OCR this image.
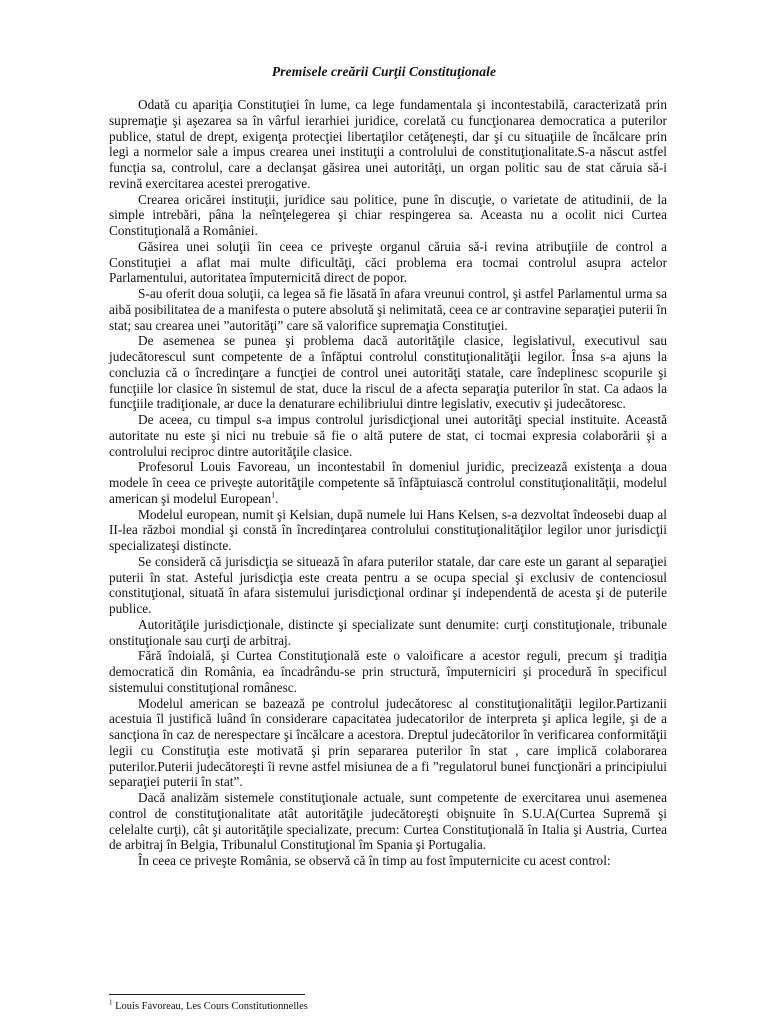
Premisele creării Curţii Constituţionale

Odată cu apariţia Constituţiei în lume, ca lege fundamentala şi incontestabilă, caracterizată prin supremaţie şi aşezarea sa în vârful ierarhiei juridice, corelată cu funcţionarea democratica a puterilor publice, statul de drept, exigenţa protecţiei libertaţilor cetăţeneşti, dar şi cu situaţiile de încălcare prin legi a normelor sale a impus crearea unei instituţii a controlului de constituţionalitate.S-a născut astfel funcţia sa, controlul, care a declanşat găsirea unei autorităţi, un organ politic sau de stat căruia să-i revină exercitarea acestei prerogative.

Crearea oricărei instituţii, juridice sau politice, pune în discuţie, o varietate de atitudinii, de la simple intrebări, pâna la neînţelegerea şi chiar respingerea sa. Aceasta nu a ocolit nici Curtea Constituţională a României.

Găsirea unei soluţii îin ceea ce priveşte organul căruia să-i revina atribuţiile de control a Constituţiei a aflat mai multe dificultăţi, căci problema era tocmai controlul asupra actelor Parlamentului, autoritatea împuternicită direct de popor.

S-au oferit doua soluţii, ca legea să fie lăsată în afara vreunui control, şi astfel Parlamentul urma sa aibă posibilitatea de a manifesta o putere absolută şi nelimitată, ceea ce ar contravine separaţiei puterii în stat; sau crearea unei ”autorităţi” care să valorifice supremaţia Constituţiei.

De asemenea se punea şi problema dacă autorităţile clasice, legislativul, executivul sau judecătorescul sunt competente de a înfăptui controlul constituţionalităţii legilor. Însa s-a ajuns la concluzia că o încredinţare a funcţiei de control unei autorităţi statale, care îndeplinesc scopurile şi funcţiile lor clasice în sistemul de stat, duce la riscul de a afecta separaţia puterilor în stat. Ca adaos la funcţiile tradiţionale, ar duce la denaturare echilibriului dintre legislativ, executiv şi judecătoresc.

De aceea, cu timpul s-a impus controlul jurisdicţional unei autorităţi special instituite. Această autoritate nu este şi nici nu trebuie să fie o altă putere de stat, ci tocmai expresia colaborării şi a controlului reciproc dintre autorităţile clasice.

Profesorul Louis Favoreau, un incontestabil în domeniul juridic, precizează existenţa a doua modele în ceea ce priveşte autorităţile competente să înfăptuiască controlul constituţionalităţii, modelul american şi modelul European$^1$.

Modelul european, numit şi Kelsian, după numele lui Hans Kelsen, s-a dezvoltat îndeosebi duap al II-lea război mondial şi constă în încredinţarea controlului constituţionalităţilor legilor unor jurisdicţii specializateşi distincte.

Se consideră că jurisdicţia se situează în afara puterilor statale, dar care este un garant al separaţiei puterii în stat. Asteful jurisdicţia este creata pentru a se ocupa special şi exclusiv de contenciosul constituţional, situată în afara sistemului jurisdicţional ordinar şi independentă de acesta şi de puterile publice.

Autorităţile jurisdicţionale, distincte şi specializate sunt denumite: curţi constituţionale, tribunale onstituţionale sau curţi de arbitraj.

Fără îndoială, şi Curtea Constituţională este o valoificare a acestor reguli, precum şi tradiţia democratică din România, ea încadrându-se prin structură, împuterniciri şi procedură în specificul sistemului constituţional românesc.

Modelul american se bazează pe controlul judecătoresc al constituţionalităţii legilor.Partizanii acestuia îl justifică luând în considerare capacitatea judecatorilor de interpreta şi aplica legile, şi de a sancţiona în caz de nerespectare şi încălcare a acestora. Dreptul judecătorilor în verificarea conformităţii legii cu Constituţia este motivată şi prin separarea puterilor în stat , care implică colaborarea puterilor.Puterii judecătoreşti îi revne astfel misiunea de a fi ”regulatorul bunei funcţionări a principiului separaţiei puterii în stat”.

Dacă analizăm sistemele constituţionale actuale, sunt competente de exercitarea unui asemenea control de constituţionalitate atât autorităţile judecătoreşti obişnuite în S.U.A(Curtea Supremă şi celelalte curţi), cât şi autorităţile specializate, precum: Curtea Constituţională în Italia şi Austria, Curtea de arbitraj în Belgia, Tribunalul Constituţional îm Spania şi Portugalia.

În ceea ce priveşte România, se observă că în timp au fost împuternicite cu acest control:

$^1$ Louis Favoreau, Les Cours Constitutionnelles
